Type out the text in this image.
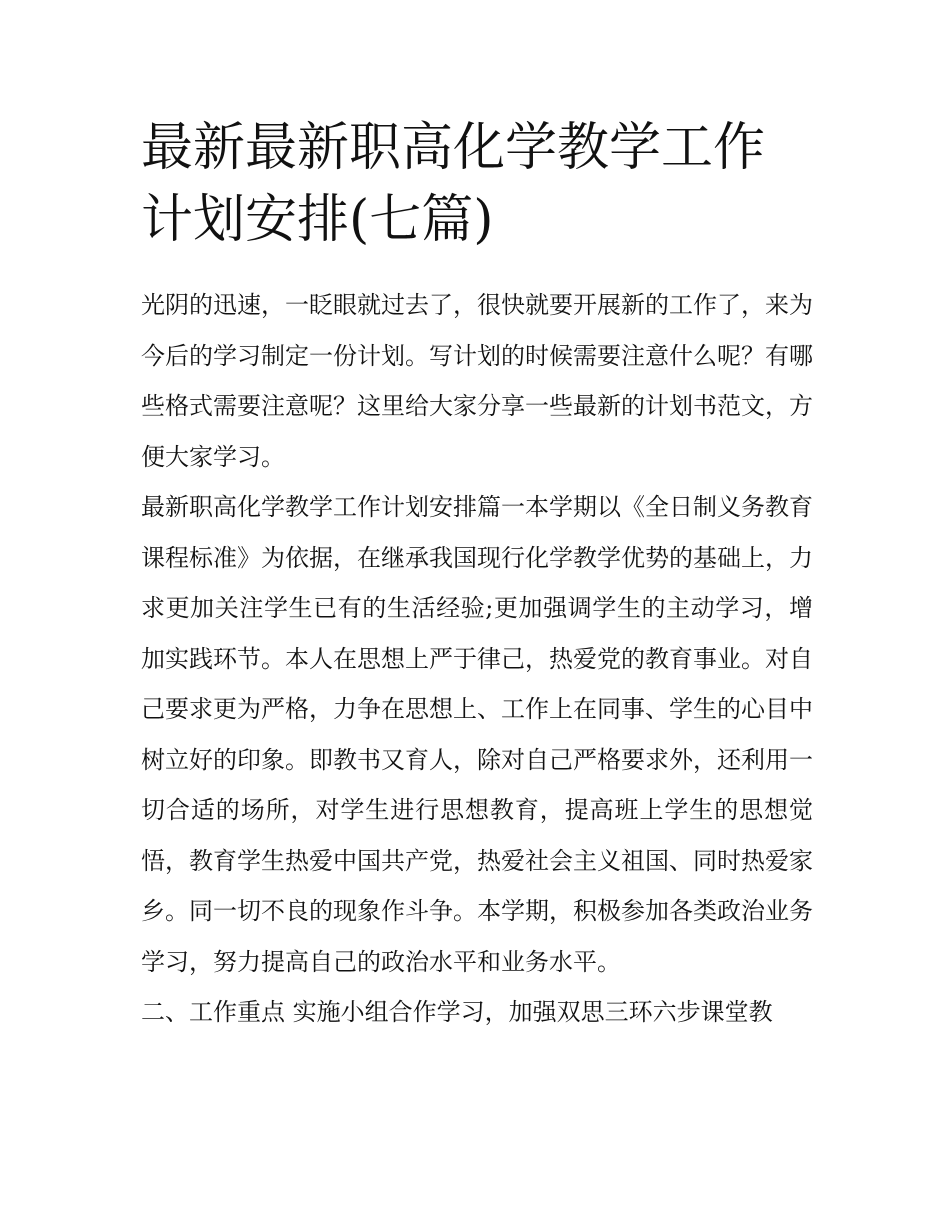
最新最新职高化学教学工作计划安排(七篇)

光阴的迅速，一眨眼就过去了，很快就要开展新的工作了，来为今后的学习制定一份计划。写计划的时候需要注意什么呢？有哪些格式需要注意呢？这里给大家分享一些最新的计划书范文，方便大家学习。

最新职高化学教学工作计划安排篇一本学期以《全日制义务教育课程标准》为依据，在继承我国现行化学教学优势的基础上，力求更加关注学生已有的生活经验;更加强调学生的主动学习，增加实践环节。本人在思想上严于律己，热爱党的教育事业。对自己要求更为严格，力争在思想上、工作上在同事、学生的心目中树立好的印象。即教书又育人，除对自己严格要求外，还利用一切合适的场所，对学生进行思想教育，提高班上学生的思想觉悟，教育学生热爱中国共产党，热爱社会主义祖国、同时热爱家乡。同一切不良的现象作斗争。本学期，积极参加各类政治业务学习，努力提高自己的政治水平和业务水平。

二、工作重点 实施小组合作学习，加强双思三环六步课堂教
